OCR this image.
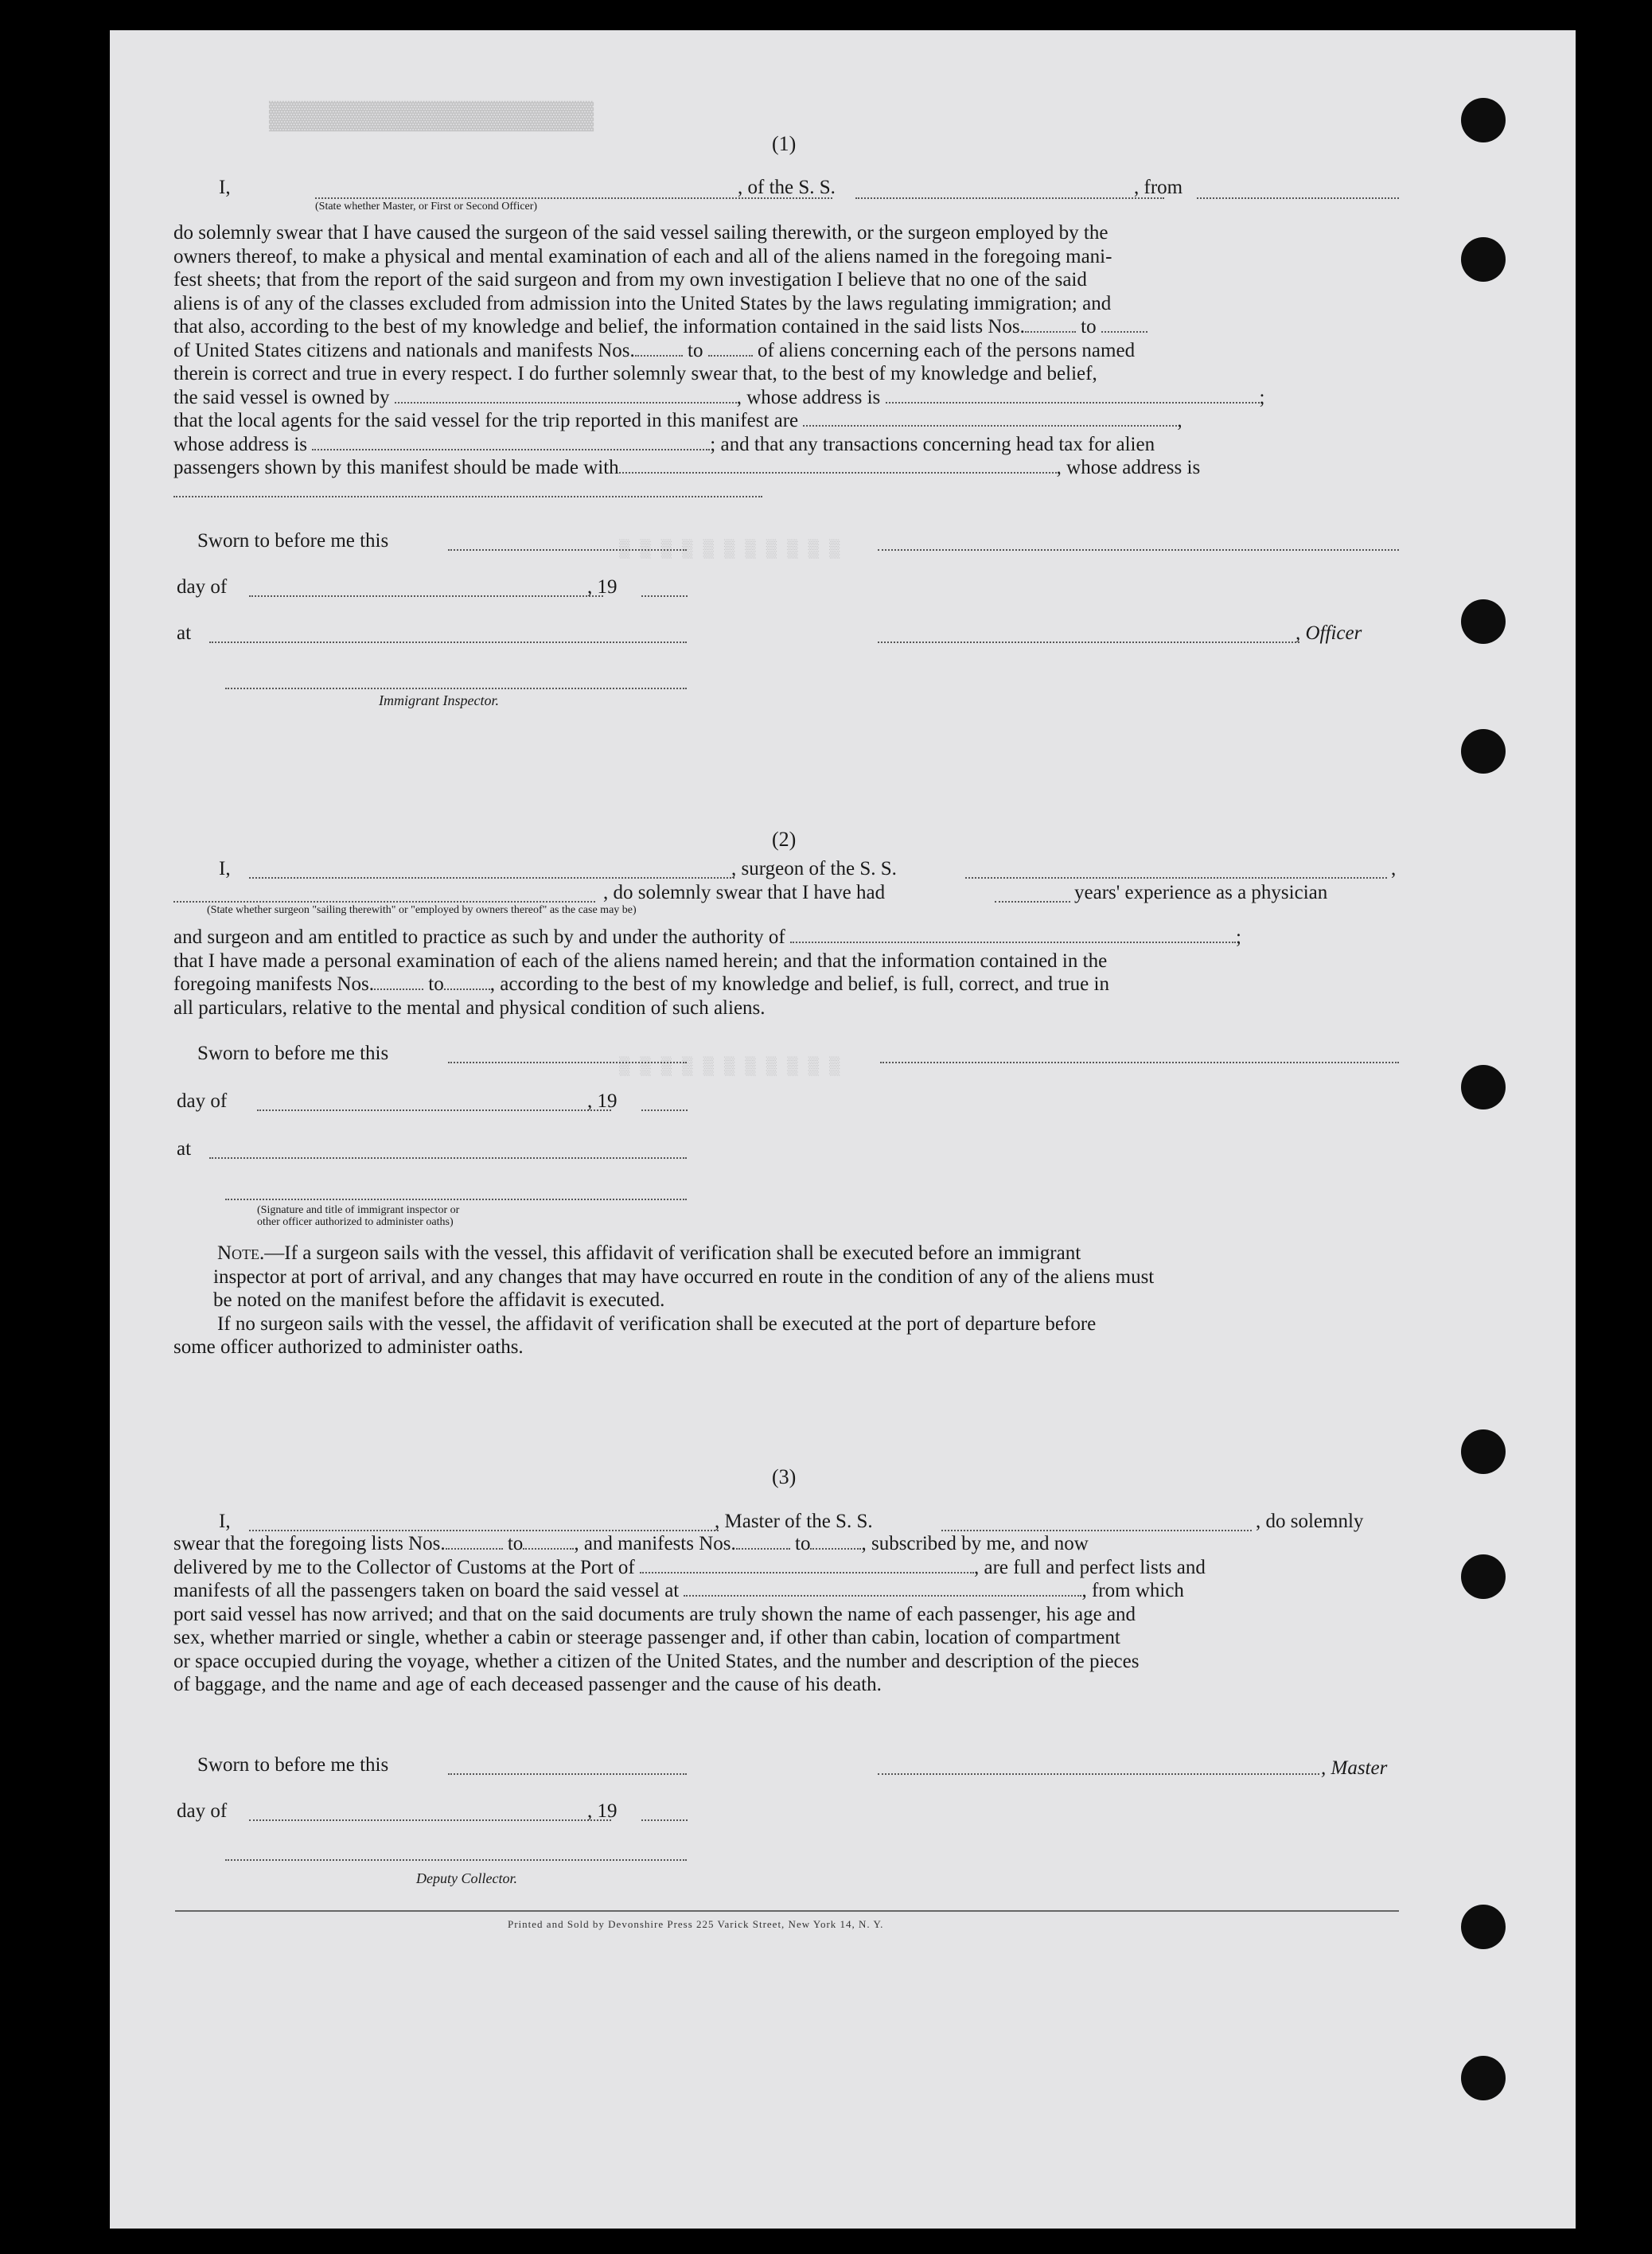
▓▓▓▓▓▓▓▓▓▓▓▓▓▓▓▓▓▓▓▓
▒ ▒ ▒ ▒ ▒ ▒ ▒ ▒ ▒ ▒ ▒
▒ ▒ ▒ ▒ ▒ ▒ ▒ ▒ ▒ ▒ ▒
(1)
I,	, of the S. S.	, from
(State whether Master, or First or Second Officer)
do solemnly swear that I have caused the surgeon of the said vessel sailing therewith, or the surgeon employed by the
owners thereof, to make a physical and mental examination of each and all of the aliens named in the foregoing mani-
fest sheets; that from the report of the said surgeon and from my own investigation I believe that no one of the said
aliens is of any of the classes excluded from admission into the United States by the laws regulating immigration; and
that also, according to the best of my knowledge and belief, the information contained in the said lists Nos.	to
of United States citizens and nationals and manifests Nos.	to	of aliens concerning each of the persons named
therein is correct and true in every respect. I do further solemnly swear that, to the best of my knowledge and belief,
the said vessel is owned by	, whose address is	;
that the local agents for the said vessel for the trip reported in this manifest are	,
whose address is	; and that any transactions concerning head tax for alien
passengers shown by this manifest should be made with	, whose address is
Sworn to before me this
day of	, 19
at	, Officer
Immigrant Inspector.
(2)
I,	, surgeon of the S. S.	,
, do solemnly swear that I have had	years' experience as a physician
(State whether surgeon "sailing therewith" or "employed by owners thereof" as the case may be)
and surgeon and am entitled to practice as such by and under the authority of	;
that I have made a personal examination of each of the aliens named herein; and that the information contained in the
foregoing manifests Nos.	to , according to the best of my knowledge and belief, is full, correct, and true in
all particulars, relative to the mental and physical condition of such aliens.
Sworn to before me this
day of	, 19
at
(Signature and title of immigrant inspector or
other officer authorized to administer oaths)
Note.—If a surgeon sails with the vessel, this affidavit of verification shall be executed before an immigrant
inspector at port of arrival, and any changes that may have occurred en route in the condition of any of the aliens must
be noted on the manifest before the affidavit is executed.
If no surgeon sails with the vessel, the affidavit of verification shall be executed at the port of departure before
some officer authorized to administer oaths.
(3)
I,	, Master of the S. S.	, do solemnly
swear that the foregoing lists Nos.	to	, and manifests Nos.	to	, subscribed by me, and now
delivered by me to the Collector of Customs at the Port of	, are full and perfect lists and
manifests of all the passengers taken on board the said vessel at	, from which
port said vessel has now arrived; and that on the said documents are truly shown the name of each passenger, his age and
sex, whether married or single, whether a cabin or steerage passenger and, if other than cabin, location of compartment
or space occupied during the voyage, whether a citizen of the United States, and the number and description of the pieces
of baggage, and the name and age of each deceased passenger and the cause of his death.
Sworn to before me this	, Master
day of	, 19
Deputy Collector.
Printed and Sold by Devonshire Press 225 Varick Street, New York 14, N. Y.
